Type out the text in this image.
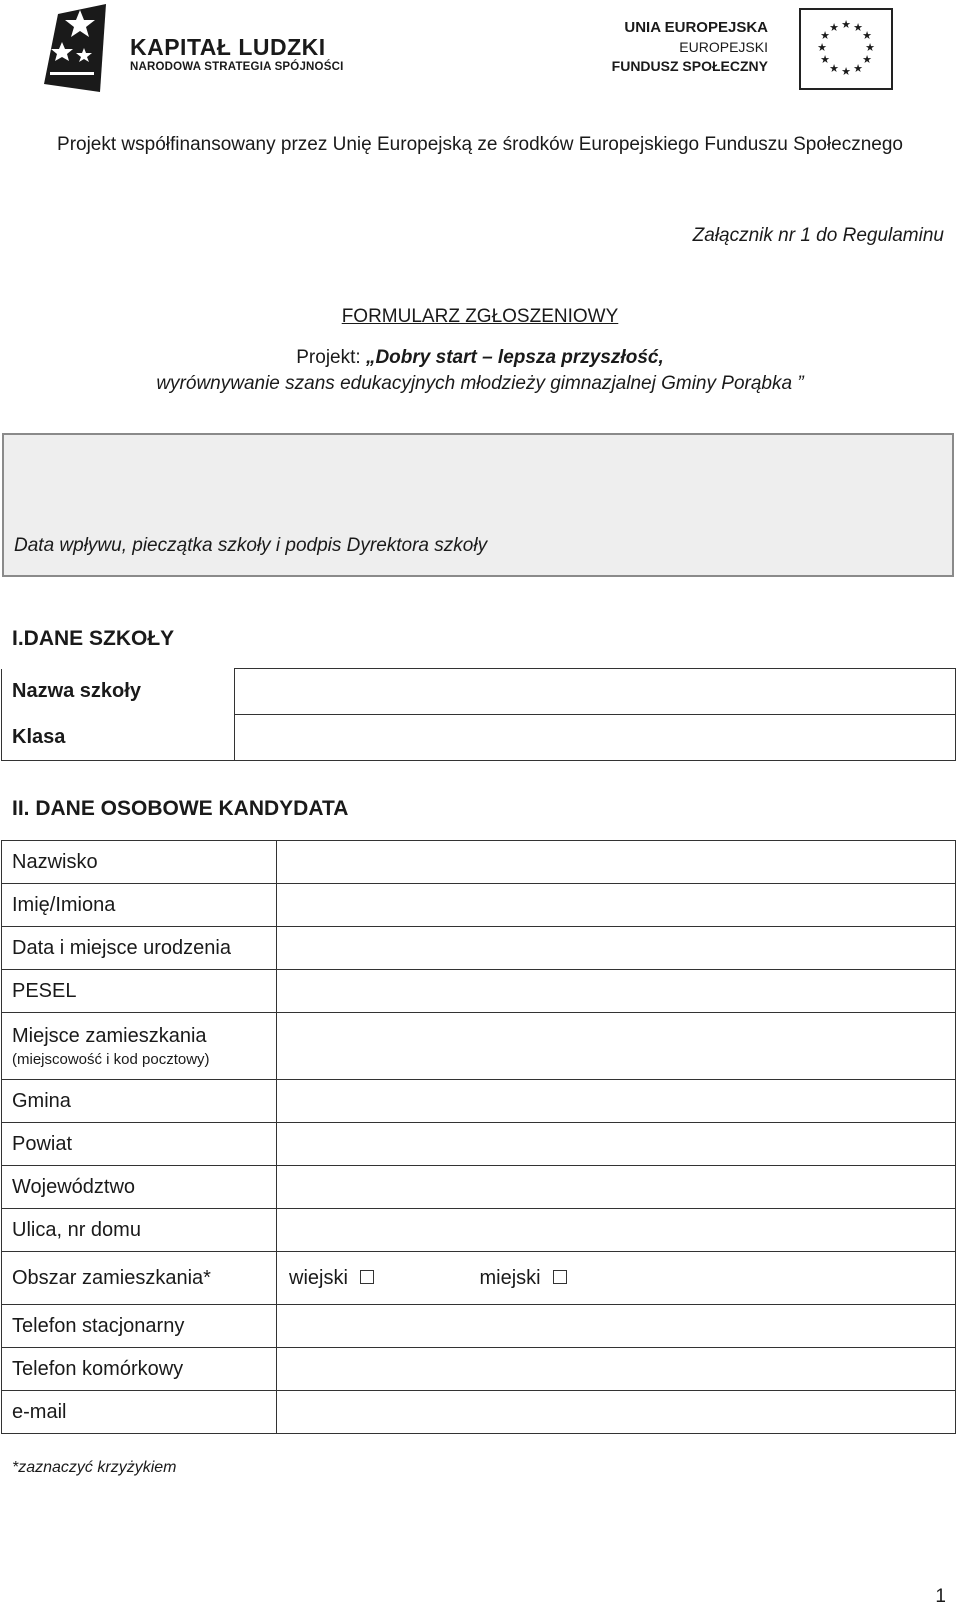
KAPITAŁ LUDZKI
NARODOWA STRATEGIA SPÓJNOŚCI
UNIA EUROPEJSKA
EUROPEJSKI
FUNDUSZ SPOŁECZNY
★ ★
★
★
★
★
★
★
★
★
★
★
Projekt współfinansowany przez Unię Europejską ze środków Europejskiego Funduszu Społecznego
Załącznik nr 1 do Regulaminu
FORMULARZ ZGŁOSZENIOWY
Projekt: „Dobry start – lepsza przyszłość,
wyrównywanie szans edukacyjnych młodzieży gimnazjalnej Gminy Porąbka ”
Data wpływu, pieczątka szkoły i podpis Dyrektora szkoły
I.DANE SZKOŁY
Nazwa szkoły	
Klasa	
II. DANE OSOBOWE KANDYDATA
Nazwisko	
Imię/Imiona	
Data i miejsce urodzenia	
PESEL	
Miejsce zamieszkania
(miejscowość i kod pocztowy)	

Gmina	
Powiat	
Województwo	
Ulica, nr domu	
Obszar zamieszkania*	wiejski miejski
Telefon stacjonarny	
Telefon komórkowy	
e-mail	
*zaznaczyć krzyżykiem
1
